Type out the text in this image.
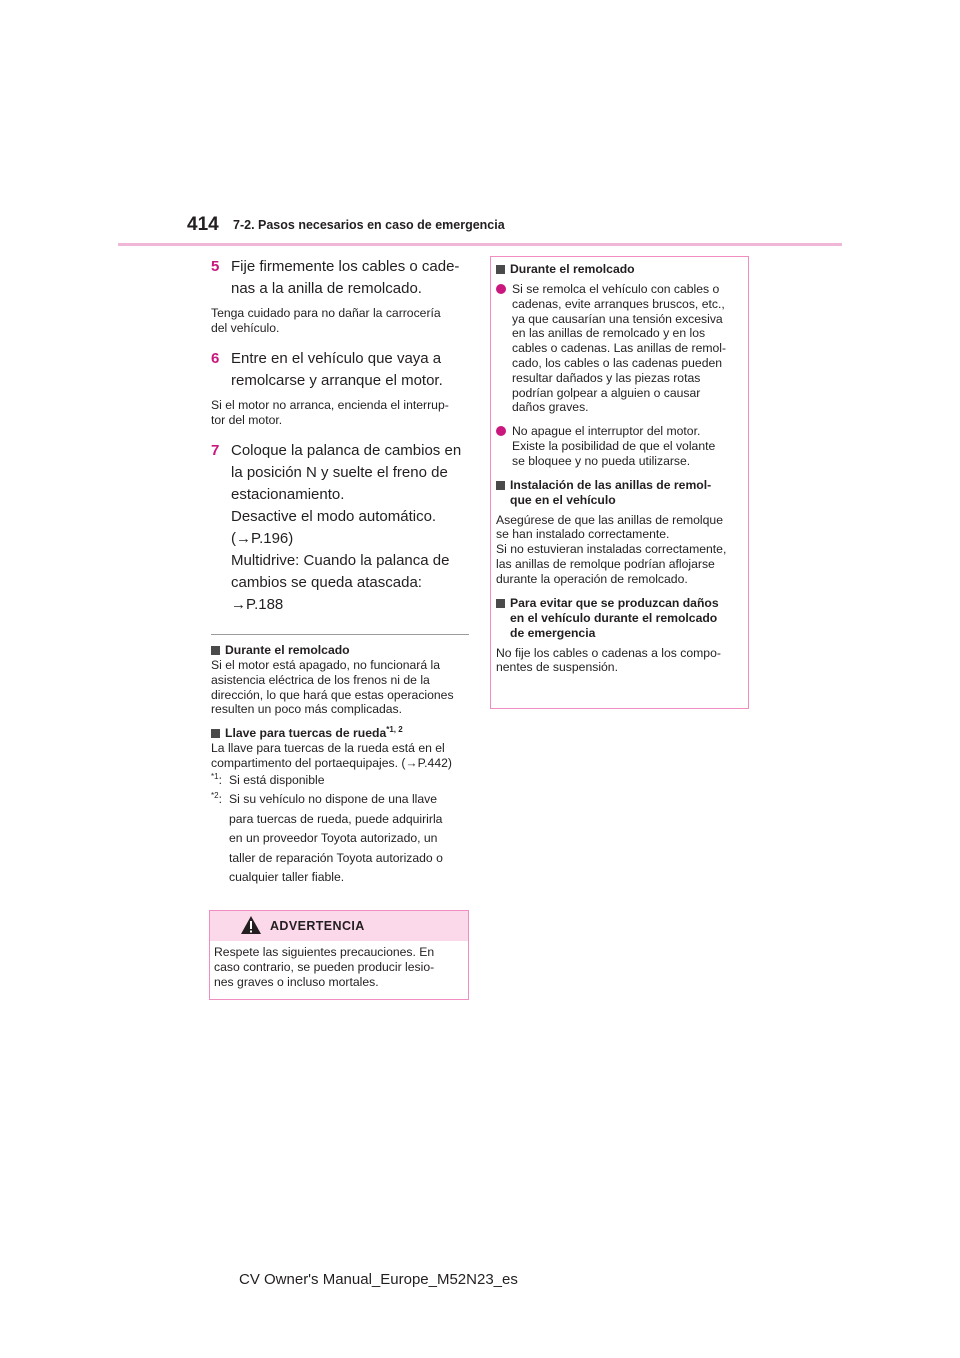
414 7-2. Pasos necesarios en caso de emergencia
5 Fije firmemente los cables o cade-
nas a la anilla de remolcado.

Tenga cuidado para no dañar la carrocería

del vehículo.

6 Entre en el vehículo que vaya a
remolcarse y arranque el motor.

Si el motor no arranca, encienda el interrup-

tor del motor.

7 Coloque la palanca de cambios en
la posición N y suelte el freno de
estacionamiento.
Desactive el modo automático.
(→P.196)
Multidrive: Cuando la palanca de
cambios se queda atascada:
→P.188
Durante el remolcado

Si el motor está apagado, no funcionará la

asistencia eléctrica de los frenos ni de la

dirección, lo que hará que estas operaciones

resulten un poco más complicadas.

Llave para tuercas de rueda$^{*1, 2}$

La llave para tuercas de la rueda está en el

compartimento del portaequipajes. (→P.442)

$^{*1}$: Si está disponible
$^{*2}$: Si su vehículo no dispone de una llave

para tuercas de rueda, puede adquirirla

en un proveedor Toyota autorizado, un

taller de reparación Toyota autorizado o

cualquier taller fiable.

ADVERTENCIA

Respete las siguientes precauciones. En

caso contrario, se pueden producir lesio-

nes graves o incluso mortales.

Durante el remolcado

Si se remolca el vehículo con cables o

cadenas, evite arranques bruscos, etc.,

ya que causarían una tensión excesiva

en las anillas de remolcado y en los

cables o cadenas. Las anillas de remol-

cado, los cables o las cadenas pueden

resultar dañados y las piezas rotas

podrían golpear a alguien o causar

daños graves.

No apague el interruptor del motor.

Existe la posibilidad de que el volante

se bloquee y no pueda utilizarse.

Instalación de las anillas de remol-

que en el vehículo

Asegúrese de que las anillas de remolque

se han instalado correctamente.

Si no estuvieran instaladas correctamente,

las anillas de remolque podrían aflojarse

durante la operación de remolcado.

Para evitar que se produzcan daños

en el vehículo durante el remolcado

de emergencia

No fije los cables o cadenas a los compo-

nentes de suspensión.

CV Owner's Manual_Europe_M52N23_es
